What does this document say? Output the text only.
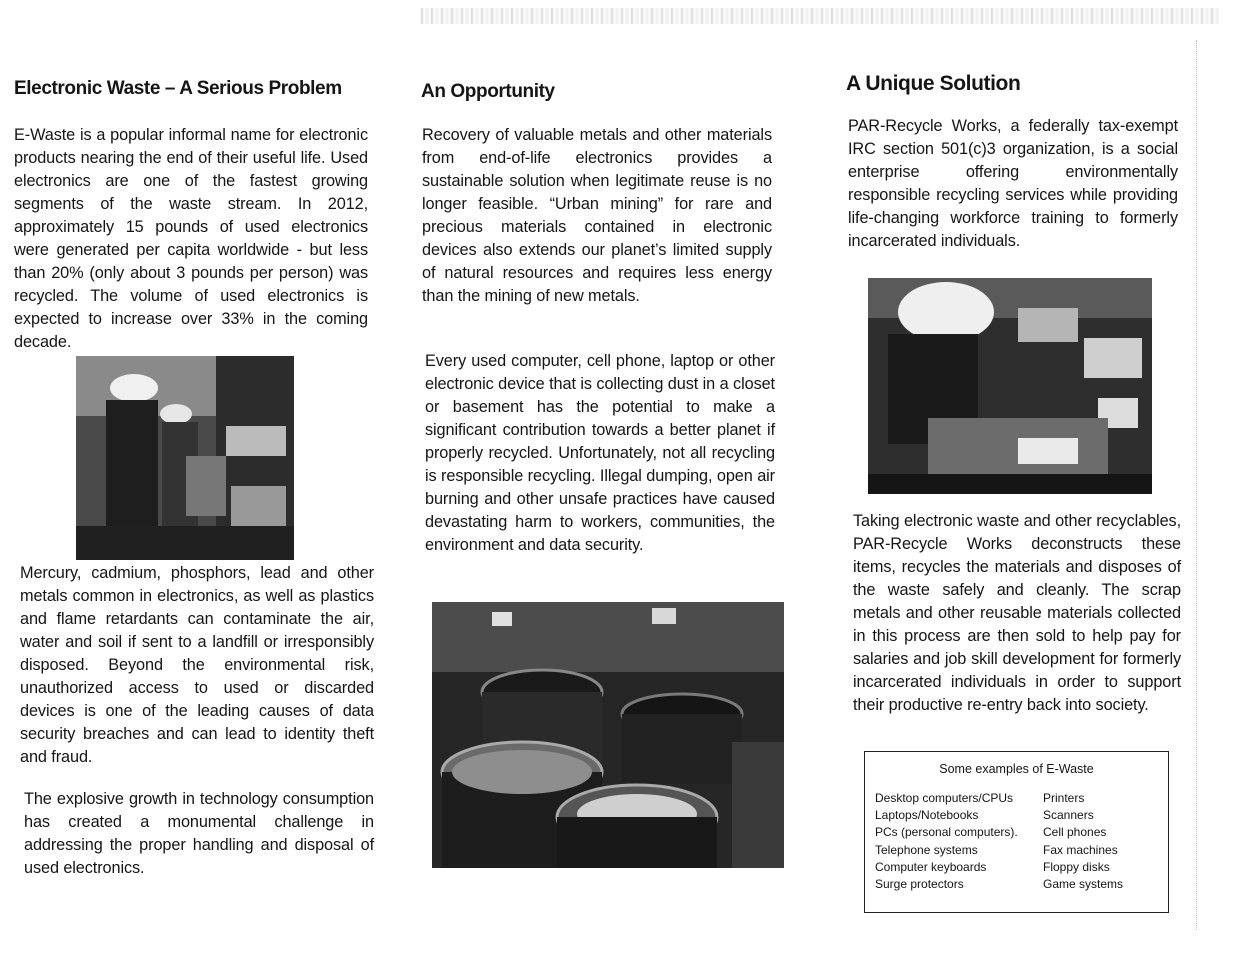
Electronic Waste – A Serious Problem

E-Waste is a popular informal name for electronic products nearing the end of their useful life. Used electronics are one of the fastest growing segments of the waste stream. In 2012, approximately 15 pounds of used electronics were generated per capita worldwide - but less than 20% (only about 3 pounds per person) was recycled. The volume of used electronics is expected to increase over 33% in the coming decade.

Mercury, cadmium, phosphors, lead and other metals common in electronics, as well as plastics and flame retardants can contaminate the air, water and soil if sent to a landfill or irresponsibly disposed. Beyond the environmental risk, unauthorized access to used or discarded devices is one of the leading causes of data security breaches and can lead to identity theft and fraud.

The explosive growth in technology consumption has created a monumental challenge in addressing the proper handling and disposal of used electronics.

An Opportunity

Recovery of valuable metals and other materials from end-of-life electronics provides a sustainable solution when legitimate reuse is no longer feasible. “Urban mining” for rare and precious materials contained in electronic devices also extends our planet’s limited supply of natural resources and requires less energy than the mining of new metals.

Every used computer, cell phone, laptop or other electronic device that is collecting dust in a closet or basement has the potential to make a significant contribution towards a better planet if properly recycled. Unfortunately, not all recycling is responsible recycling. Illegal dumping, open air burning and other unsafe practices have caused devastating harm to workers, communities, the environment and data security.

A Unique Solution

PAR-Recycle Works, a federally tax-exempt IRC section 501(c)3 organization, is a social enterprise offering environmentally responsible recycling services while providing life-changing workforce training to formerly incarcerated individuals.

Taking electronic waste and other recyclables, PAR-Recycle Works deconstructs these items, recycles the materials and disposes of the waste safely and cleanly. The scrap metals and other reusable materials collected in this process are then sold to help pay for salaries and job skill development for formerly incarcerated individuals in order to support their productive re-entry back into society.

Some examples of E-Waste
Desktop computers/CPUs
Laptops/Notebooks
PCs (personal computers).
Telephone systems
Computer keyboards
Surge protectors
Printers
Scanners
Cell phones
Fax machines
Floppy disks
Game systems
